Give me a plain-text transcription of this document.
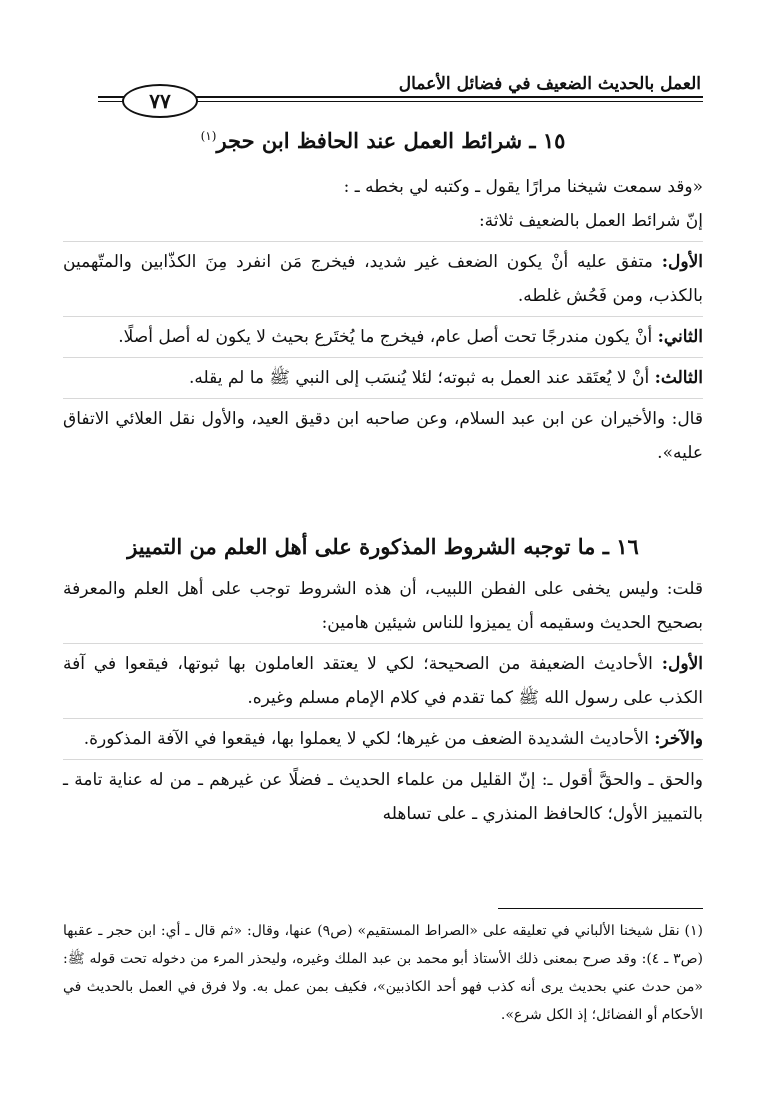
العمل بالحديث الضعيف في فضائل الأعمال
٧٧
١٥ ـ شرائط العمل عند الحافظ ابن حجر$^{(١)}$

«وقد سمعت شيخنا مرارًا يقول ـ وكتبه لي بخطه ـ :

إنّ شرائط العمل بالضعيف ثلاثة:

الأول: متفق عليه أنْ يكون الضعف غير شديد، فيخرج مَن انفرد مِنَ الكذّابين والمتّهمين بالكذب، ومن فَحُش غلطه.

الثاني: أنْ يكون مندرجًا تحت أصل عام، فيخرج ما يُختَرع بحيث لا يكون له أصل أصلًا.

الثالث: أنْ لا يُعتَقد عند العمل به ثبوته؛ لئلا يُنسَب إلى النبي ﷺ ما لم يقله.

قال: والأخيران عن ابن عبد السلام، وعن صاحبه ابن دقيق العيد، والأول نقل العلائي الاتفاق عليه».

١٦ ـ ما توجبه الشروط المذكورة على أهل العلم من التمييز

قلت: وليس يخفى على الفطن اللبيب، أن هذه الشروط توجب على أهل العلم والمعرفة بصحيح الحديث وسقيمه أن يميزوا للناس شيئين هامين:

الأول: الأحاديث الضعيفة من الصحيحة؛ لكي لا يعتقد العاملون بها ثبوتها، فيقعوا في آفة الكذب على رسول الله ﷺ كما تقدم في كلام الإمام مسلم وغيره.

والآخر: الأحاديث الشديدة الضعف من غيرها؛ لكي لا يعملوا بها، فيقعوا في الآفة المذكورة.

والحق ـ والحقَّ أقول ـ: إنّ القليل من علماء الحديث ـ فضلًا عن غيرهم ـ من له عناية تامة ـ بالتمييز الأول؛ كالحافظ المنذري ـ على تساهله

(١) نقل شيخنا الألباني في تعليقه على «الصراط المستقيم» (ص٩) عنها، وقال: «ثم قال ـ أي: ابن حجر ـ عقبها (ص٣ ـ ٤): وقد صرح بمعنى ذلك الأستاذ أبو محمد بن عبد الملك وغيره، وليحذر المرء من دخوله تحت قوله ﷺ: «من حدث عني بحديث يرى أنه كذب فهو أحد الكاذبين»، فكيف بمن عمل به. ولا فرق في العمل بالحديث في الأحكام أو الفضائل؛ إذ الكل شرع».
